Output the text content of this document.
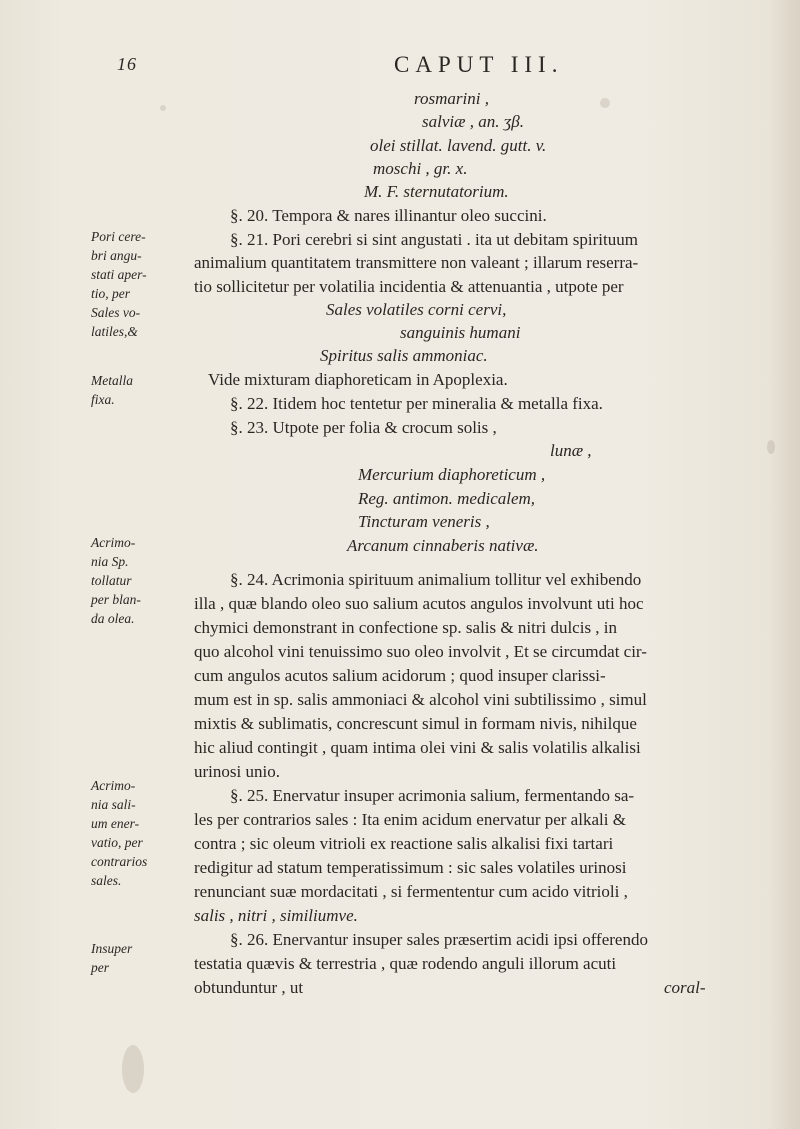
16	CAPUT III.
Pori cere-
bri angu-
stati aper-
tio, per
Sales vo-
latiles,&
Metalla
fixa.
Acrimo-
nia Sp.
tollatur
per blan-
da olea.
Acrimo-
nia sali-
um ener-
vatio, per
contrarios
sales.
Insuper
per
rosmarini ,
salviæ , an. ʒβ.
olei stillat. lavend. gutt. v.
moschi , gr. x.
M. F. sternutatorium.
§. 20. Tempora & nares illinantur oleo succini.
§. 21. Pori cerebri si sint angustati . ita ut debitam spirituum
animalium quantitatem transmittere non valeant ; illarum reserra-
tio sollicitetur per volatilia incidentia & attenuantia , utpote per
Sales volatiles corni cervi,
sanguinis humani
Spiritus salis ammoniac.
Vide mixturam diaphoreticam in Apoplexia.
§. 22. Itidem hoc tentetur per mineralia & metalla fixa.
§. 23. Utpote per folia & crocum solis ,
lunæ ,
Mercurium diaphoreticum ,
Reg. antimon. medicalem,
Tincturam veneris ,
Arcanum cinnaberis nativæ.
§. 24. Acrimonia spirituum animalium tollitur vel exhibendo
illa , quæ blando oleo suo salium acutos angulos involvunt uti hoc
chymici demonstrant in confectione sp. salis & nitri dulcis , in
quo alcohol vini tenuissimo suo oleo involvit , Et se circumdat cir-
cum angulos acutos salium acidorum ; quod insuper clarissi-
mum est in sp. salis ammoniaci & alcohol vini subtilissimo , simul
mixtis & sublimatis, concrescunt simul in formam nivis, nihilque
hic aliud contingit , quam intima olei vini & salis volatilis alkalisi
urinosi unio.
§. 25. Enervatur insuper acrimonia salium, fermentando sa-
les per contrarios sales : Ita enim acidum enervatur per alkali &
contra ; sic oleum vitrioli ex reactione salis alkalisi fixi tartari
redigitur ad statum temperatissimum : sic sales volatiles urinosi
renunciant suæ mordacitati , si fermententur cum acido vitrioli ,
salis , nitri , similiumve.
§. 26. Enervantur insuper sales præsertim acidi ipsi offerendo
testatia quævis & terrestria , quæ rodendo anguli illorum acuti
obtunduntur , ut	coral-
